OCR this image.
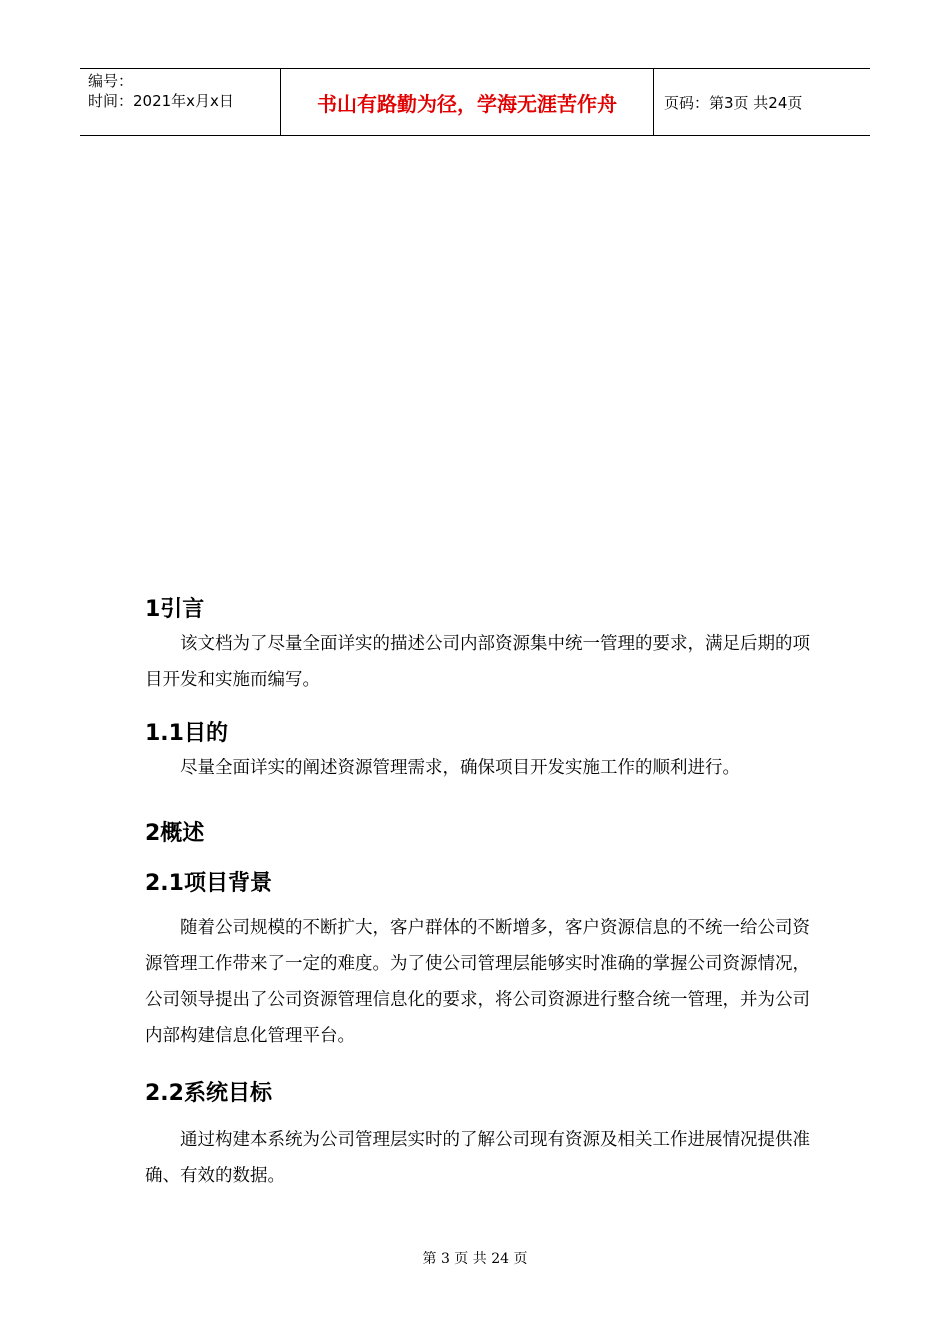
编号：
时间：2021年x月x日	书山有路勤为径，学海无涯苦作舟	页码：第3页 共24页
1引言

该文档为了尽量全面详实的描述公司内部资源集中统一管理的要求，满足后期的项目开发和实施而编写。

1.1目的

尽量全面详实的阐述资源管理需求，确保项目开发实施工作的顺利进行。

2概述
2.1项目背景

随着公司规模的不断扩大，客户群体的不断增多，客户资源信息的不统一给公司资源管理工作带来了一定的难度。为了使公司管理层能够实时准确的掌握公司资源情况，公司领导提出了公司资源管理信息化的要求，将公司资源进行整合统一管理，并为公司内部构建信息化管理平台。

2.2系统目标

通过构建本系统为公司管理层实时的了解公司现有资源及相关工作进展情况提供准确、有效的数据。

第 3 页 共 24 页
